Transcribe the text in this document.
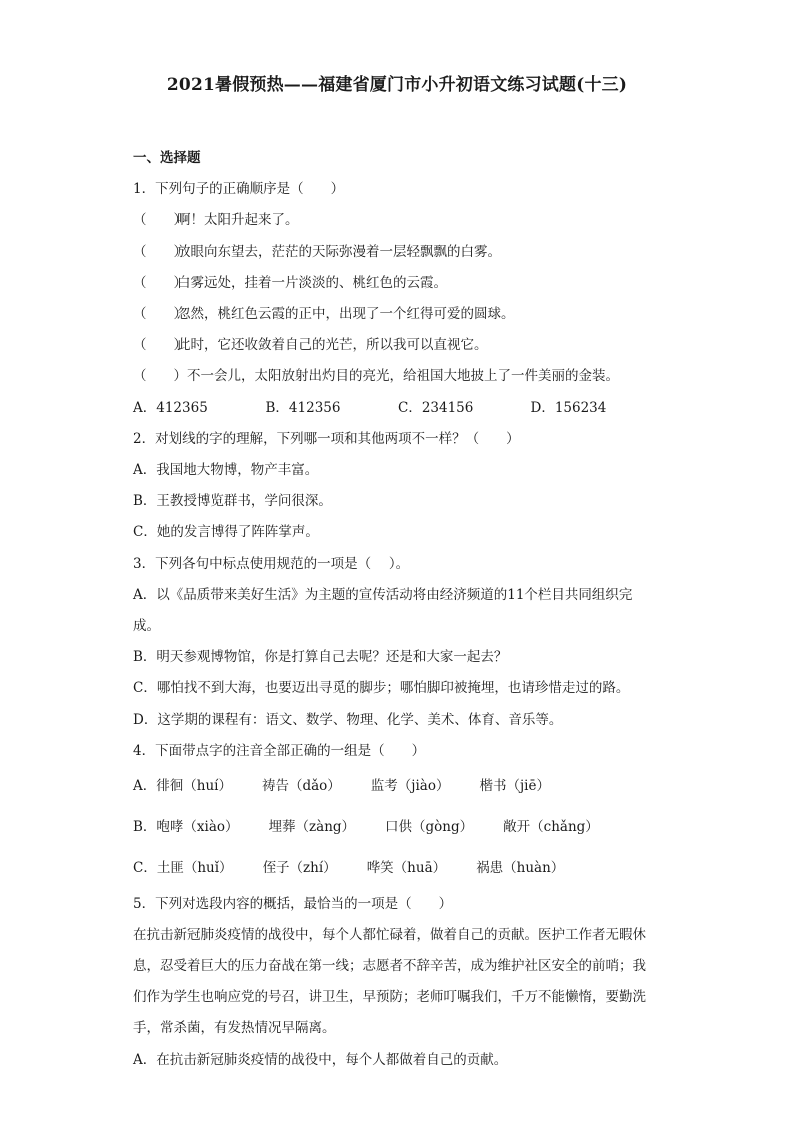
2021暑假预热——福建省厦门市小升初语文练习试题(十三)
一、选择题
1．下列句子的正确顺序是（　　）
（　　）啊！太阳升起来了。
（　　）放眼向东望去，茫茫的天际弥漫着一层轻飘飘的白雾。
（　　）白雾远处，挂着一片淡淡的、桃红色的云霞。
（　　）忽然，桃红色云霞的正中，出现了一个红得可爱的圆球。
（　　）此时，它还收敛着自己的光芒，所以我可以直视它。
（　　）不一会儿，太阳放射出灼目的亮光，给祖国大地披上了一件美丽的金装。
A．412365	B．412356	C．234156	D．156234
2．对划线的字的理解，下列哪一项和其他两项不一样？（　　）
A．我国地大物博，物产丰富。
B．王教授博览群书，学问很深。
C．她的发言博得了阵阵掌声。
3．下列各句中标点使用规范的一项是（　 ）。
A．以《品质带来美好生活》为主题的宣传活动将由经济频道的11个栏目共同组织完
成。
B．明天参观博物馆，你是打算自己去呢？还是和大家一起去？
C．哪怕找不到大海，也要迈出寻觅的脚步；哪怕脚印被掩埋，也请珍惜走过的路。
D．这学期的课程有：语文、数学、物理、化学、美术、体育、音乐等。
4．下面带点字的注音全部正确的一组是（　　）
A． 徘徊（huí） 祷告（dǎo） 监考（jiào） 楷书（jiē）
B． 咆哮（xiào） 埋葬（zàng） 口供（gòng） 敞开（chǎng）
C． 土匪（huǐ） 侄子（zhí） 哗笑（huā） 祸患（huàn）
5．下列对选段内容的概括，最恰当的一项是（　　）
在抗击新冠肺炎疫情的战役中，每个人都忙碌着，做着自己的贡献。医护工作者无暇休
息，忍受着巨大的压力奋战在第一线；志愿者不辞辛苦，成为维护社区安全的前哨；我
们作为学生也响应党的号召，讲卫生，早预防；老师叮嘱我们，千万不能懒惰，要勤洗
手，常杀菌，有发热情况早隔离。
A．在抗击新冠肺炎疫情的战役中，每个人都做着自己的贡献。
